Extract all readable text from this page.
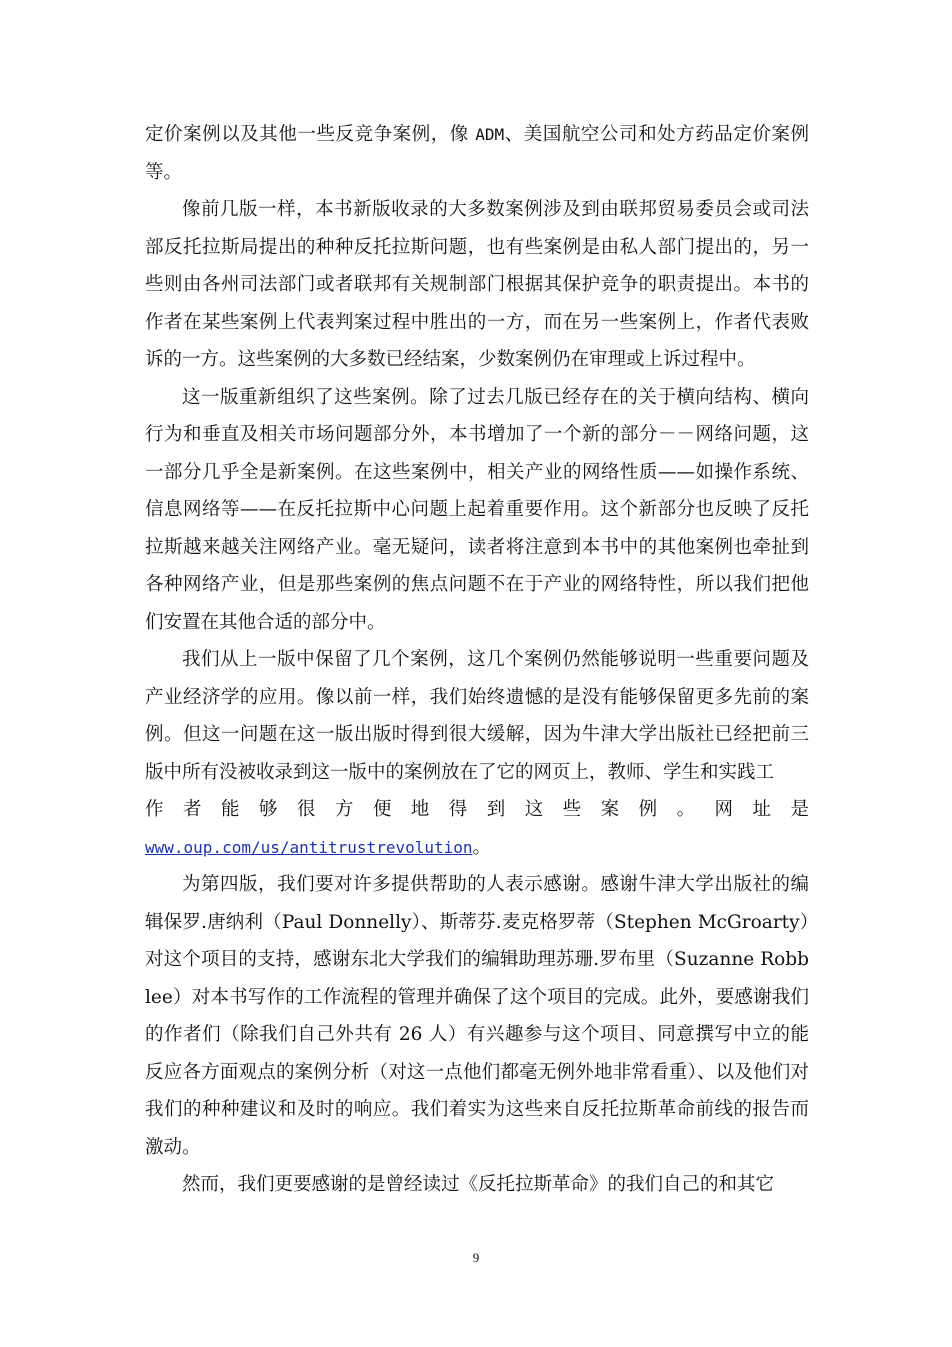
定价案例以及其他一些反竞争案例，像 ADM、美国航空公司和处方药品定价案例等。

像前几版一样，本书新版收录的大多数案例涉及到由联邦贸易委员会或司法部反托拉斯局提出的种种反托拉斯问题，也有些案例是由私人部门提出的，另一些则由各州司法部门或者联邦有关规制部门根据其保护竞争的职责提出。本书的作者在某些案例上代表判案过程中胜出的一方，而在另一些案例上，作者代表败诉的一方。这些案例的大多数已经结案，少数案例仍在审理或上诉过程中。

这一版重新组织了这些案例。除了过去几版已经存在的关于横向结构、横向行为和垂直及相关市场问题部分外，本书增加了一个新的部分－－网络问题，这一部分几乎全是新案例。在这些案例中，相关产业的网络性质——如操作系统、信息网络等——在反托拉斯中心问题上起着重要作用。这个新部分也反映了反托拉斯越来越关注网络产业。毫无疑问，读者将注意到本书中的其他案例也牵扯到各种网络产业，但是那些案例的焦点问题不在于产业的网络特性，所以我们把他们安置在其他合适的部分中。

我们从上一版中保留了几个案例，这几个案例仍然能够说明一些重要问题及产业经济学的应用。像以前一样，我们始终遗憾的是没有能够保留更多先前的案例。但这一问题在这一版出版时得到很大缓解，因为牛津大学出版社已经把前三版中所有没被收录到这一版中的案例放在了它的网页上，教师、学生和实践工

作者能够很方便地得到这些案例。网址是

www.oup.com/us/antitrustrevolution。

为第四版，我们要对许多提供帮助的人表示感谢。感谢牛津大学出版社的编辑保罗.唐纳利（Paul Donnelly）、斯蒂芬.麦克格罗蒂（Stephen McGroarty）对这个项目的支持，感谢东北大学我们的编辑助理苏珊.罗布里（Suzanne Robblee）对本书写作的工作流程的管理并确保了这个项目的完成。此外，要感谢我们的作者们（除我们自己外共有 26 人）有兴趣参与这个项目、同意撰写中立的能反应各方面观点的案例分析（对这一点他们都毫无例外地非常看重）、以及他们对我们的种种建议和及时的响应。我们着实为这些来自反托拉斯革命前线的报告而激动。

然而，我们更要感谢的是曾经读过《反托拉斯革命》的我们自己的和其它

9
